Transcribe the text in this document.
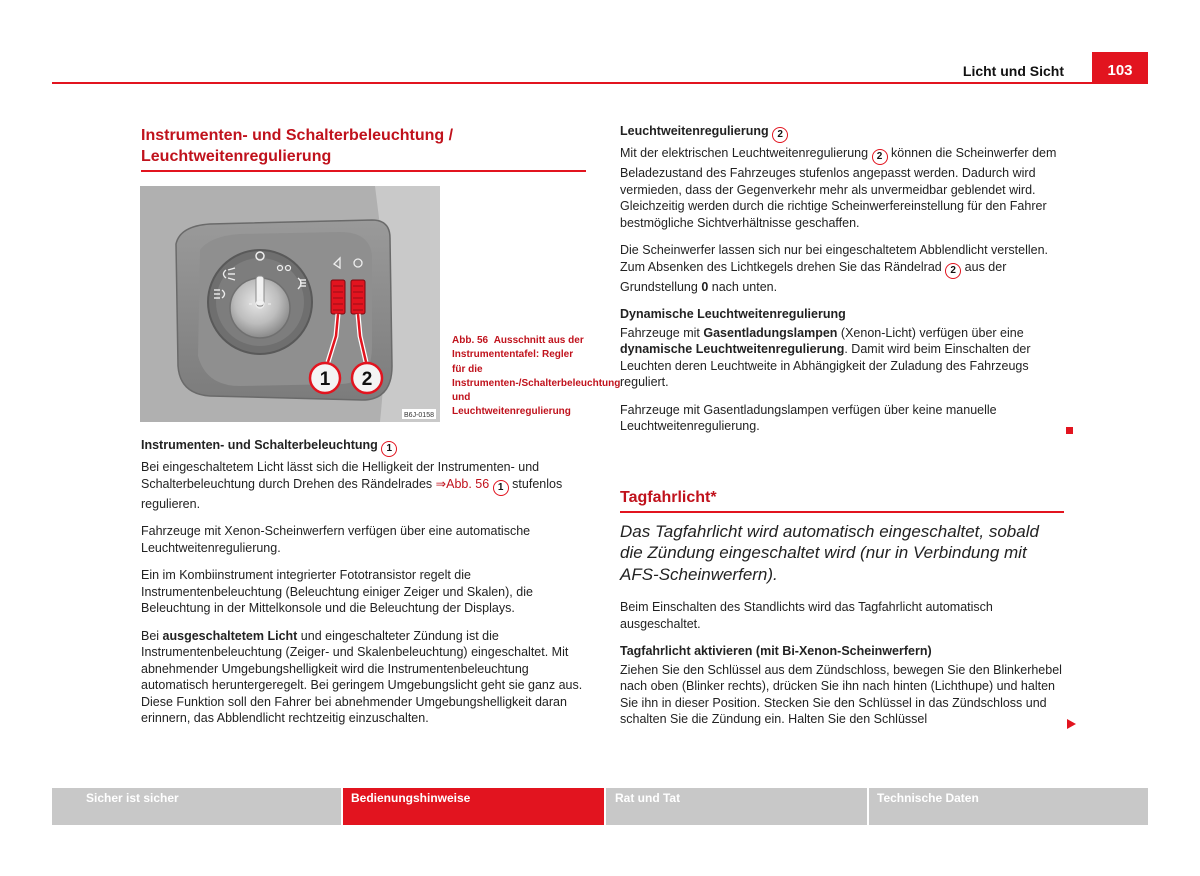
Licht und Sicht	103
Instrumenten- und Schalterbeleuchtung /
Leuchtweitenregulierung
1 2
B6J-0158
Abb. 56 Ausschnitt aus der Instrumententafel: Regler für die Instrumenten-/Schalterbeleuchtung und Leuchtweitenregulierung
Instrumenten- und Schalterbeleuchtung 1

Bei eingeschaltetem Licht lässt sich die Helligkeit der Instrumenten- und Schalterbeleuchtung durch Drehen des Rändelrades ⇒Abb. 56 1 stufenlos regulieren.

Fahrzeuge mit Xenon-Scheinwerfern verfügen über eine automatische Leuchtweitenregulierung.

Ein im Kombiinstrument integrierter Fototransistor regelt die Instrumentenbeleuchtung (Beleuchtung einiger Zeiger und Skalen), die Beleuchtung in der Mittelkonsole und die Beleuchtung der Displays.

Bei ausgeschaltetem Licht und eingeschalteter Zündung ist die Instrumentenbeleuchtung (Zeiger- und Skalenbeleuchtung) eingeschaltet. Mit abnehmender Umgebungshelligkeit wird die Instrumentenbeleuchtung automatisch heruntergeregelt. Bei geringem Umgebungslicht geht sie ganz aus. Diese Funktion soll den Fahrer bei abnehmender Umgebungshelligkeit daran erinnern, das Abblendlicht rechtzeitig einzuschalten.

Leuchtweitenregulierung 2

Mit der elektrischen Leuchtweitenregulierung 2 können die Scheinwerfer dem Beladezustand des Fahrzeuges stufenlos angepasst werden. Dadurch wird vermieden, dass der Gegenverkehr mehr als unvermeidbar geblendet wird. Gleichzeitig werden durch die richtige Scheinwerfereinstellung für den Fahrer bestmögliche Sichtverhältnisse geschaffen.

Die Scheinwerfer lassen sich nur bei eingeschaltetem Abblendlicht verstellen. Zum Absenken des Lichtkegels drehen Sie das Rändelrad 2 aus der Grundstellung 0 nach unten.

Dynamische Leuchtweitenregulierung

Fahrzeuge mit Gasentladungslampen (Xenon-Licht) verfügen über eine dynamische Leuchtweitenregulierung. Damit wird beim Einschalten der Leuchten deren Leuchtweite in Abhängigkeit der Zuladung des Fahrzeugs reguliert.

Fahrzeuge mit Gasentladungslampen verfügen über keine manuelle Leuchtweitenregulierung.

Tagfahrlicht*
Das Tagfahrlicht wird automatisch eingeschaltet, sobald die Zündung eingeschaltet wird (nur in Verbindung mit AFS-Scheinwerfern).

Beim Einschalten des Standlichts wird das Tagfahrlicht automatisch ausgeschaltet.

Tagfahrlicht aktivieren (mit Bi-Xenon-Scheinwerfern)

Ziehen Sie den Schlüssel aus dem Zündschloss, bewegen Sie den Blinkerhebel nach oben (Blinker rechts), drücken Sie ihn nach hinten (Lichthupe) und halten Sie ihn in dieser Position. Stecken Sie den Schlüssel in das Zündschloss und schalten Sie die Zündung ein. Halten Sie den Schlüssel

Sicher ist sicher	Bedienungshinweise	Rat und Tat	Technische Daten
